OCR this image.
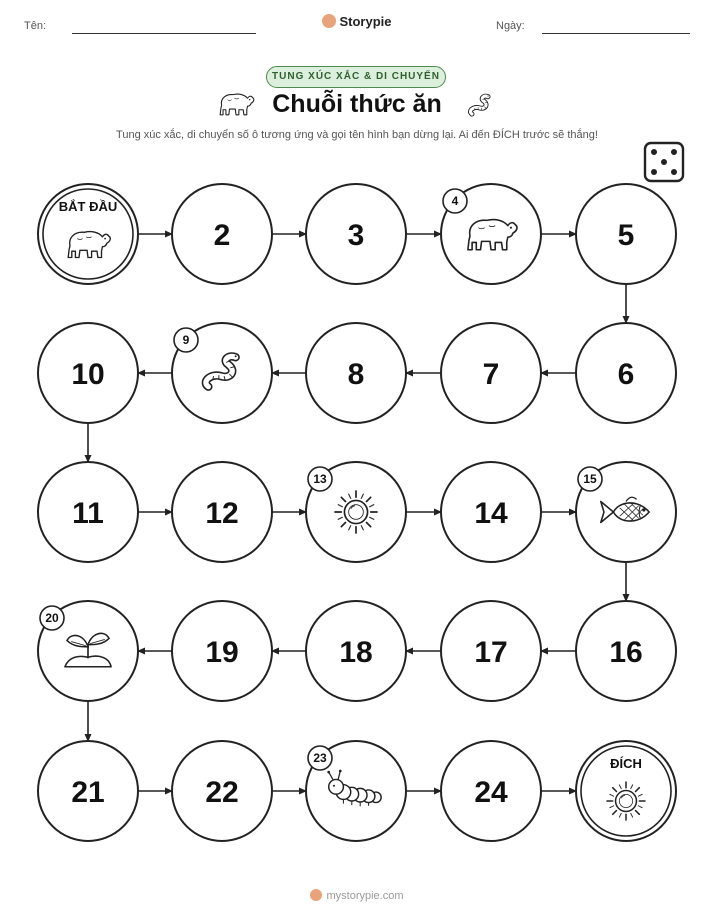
Tên:	Storypie	Ngày:
TUNG XÚC XẮC & DI CHUYỂN
Chuỗi thức ăn
Tung xúc xắc, di chuyển số ô tương ứng và gọi tên hình bạn dừng lại. Ai đến ĐÍCH trước sẽ thắng!
BẮT ĐẦU
2	3
4
5
6
7
8
9
10
11	12
13
14
15
16
17
18
19
20
21	22
23
24
ĐÍCH
mystorypie.com
